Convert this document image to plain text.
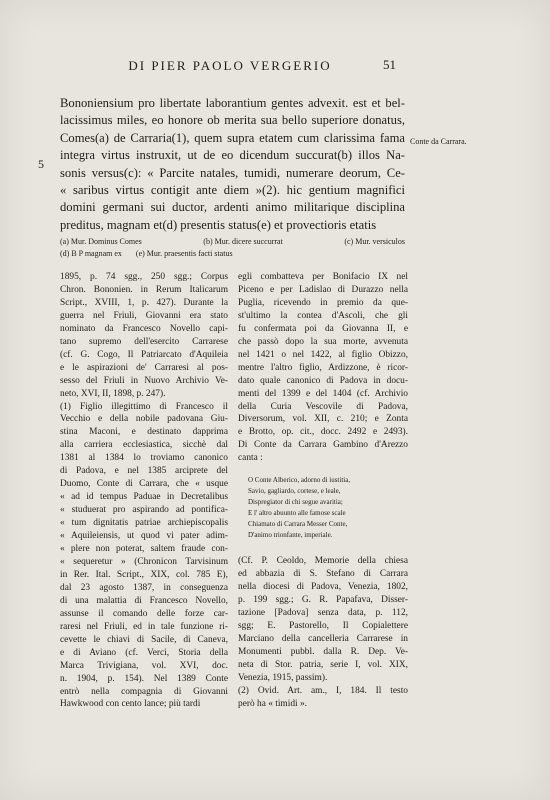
DI PIER PAOLO VERGERIO	51
5
Conte da Carrara.
Bononiensium pro libertate laborantium gentes advexit. est et bel-
lacissimus miles, eo honore ob merita sua bello superiore donatus,
Comes(a) de Carraria(1), quem supra etatem cum clarissima fama
integra virtus instruxit, ut de eo dicendum succurat(b) illos Na-
sonis versus(c): « Parcite natales, tumidi, numerare deorum, Ce-
« saribus virtus contigit ante diem »(2). hic gentium magnifici
domini germani sui ductor, ardenti animo militarique disciplina
preditus, magnam et(d) presentis status(e) et provectioris etatis
(a) Mur. Dominus Comes	(b) Mur. dicere succurrat	(c) Mur. versiculos
(d) B P magnam ex (e) Mur. praesentis facti status
1895, p. 74 sgg., 250 sgg.; Corpus
Chron. Bononien. in Rerum Italicarum
Script., XVIII, 1, p. 427). Durante la
guerra nel Friuli, Giovanni era stato
nominato da Francesco Novello capi-
tano supremo dell'esercito Carrarese
(cf. G. Cogo, Il Patriarcato d'Aquileia
e le aspirazioni de' Carraresi al pos-
sesso del Friuli in Nuovo Archivio Ve-
neto, XVI, II, 1898, p. 247).
(1) Figlio illegittimo di Francesco il
Vecchio e della nobile padovana Giu-
stina Maconi, e destinato dapprima
alla carriera ecclesiastica, sicchè dal
1381 al 1384 lo troviamo canonico
di Padova, e nel 1385 arciprete del
Duomo, Conte di Carrara, che « usque
« ad id tempus Paduae in Decretalibus
« studuerat pro aspirando ad pontifica-
« tum dignitatis patriae archiepiscopalis
« Aquileiensis, ut quod vi pater adim-
« plere non poterat, saltem fraude con-
« sequeretur » (Chronicon Tarvisinum
in Rer. Ital. Script., XIX, col. 785 E),
dal 23 agosto 1387, in conseguenza
di una malattia di Francesco Novello,
assunse il comando delle forze car-
raresi nel Friuli, ed in tale funzione ri-
cevette le chiavi di Sacile, di Caneva,
e di Aviano (cf. Verci, Storia della
Marca Trivigiana, vol. XVI, doc.
n. 1904, p. 154). Nel 1389 Conte
entrò nella compagnia di Giovanni
Hawkwood con cento lance; più tardi
egli combatteva per Bonifacio IX nel
Piceno e per Ladislao di Durazzo nella
Puglia, ricevendo in premio da que-
st'ultimo la contea d'Ascoli, che gli
fu confermata poi da Giovanna II, e
che passò dopo la sua morte, avvenuta
nel 1421 o nel 1422, al figlio Obizzo,
mentre l'altro figlio, Ardizzone, è ricor-
dato quale canonico di Padova in docu-
menti del 1399 e del 1404 (cf. Archivio
della Curia Vescovile di Padova,
Diversorum, vol. XII, c. 210; e Zonta
e Brotto, op. cit., docc. 2492 e 2493).
Di Conte da Carrara Gambino d'Arezzo
canta :
O Conte Alberico, adorno di iustitia,
Savio, gagliardo, cortese, e leale,
Dispregiator di chi segue avaritia;
E l' altro abuunto alle famose scale
Chiamato di Carrara Messer Conte,
D'animo trionfante, imperiale.
(Cf. P. Ceoldo, Memorie della chiesa
ed abbazia di S. Stefano di Carrara
nella diocesi di Padova, Venezia, 1802,
p. 199 sgg.; G. R. Papafava, Disser-
tazione [Padova] senza data, p. 112,
sgg; E. Pastorello, Il Copialettere
Marciano della cancelleria Carrarese in
Monumenti pubbl. dalla R. Dep. Ve-
neta di Stor. patria, serie I, vol. XIX,
Venezia, 1915, passim).
(2) Ovid. Art. am., I, 184. Il testo
però ha « timidi ».
